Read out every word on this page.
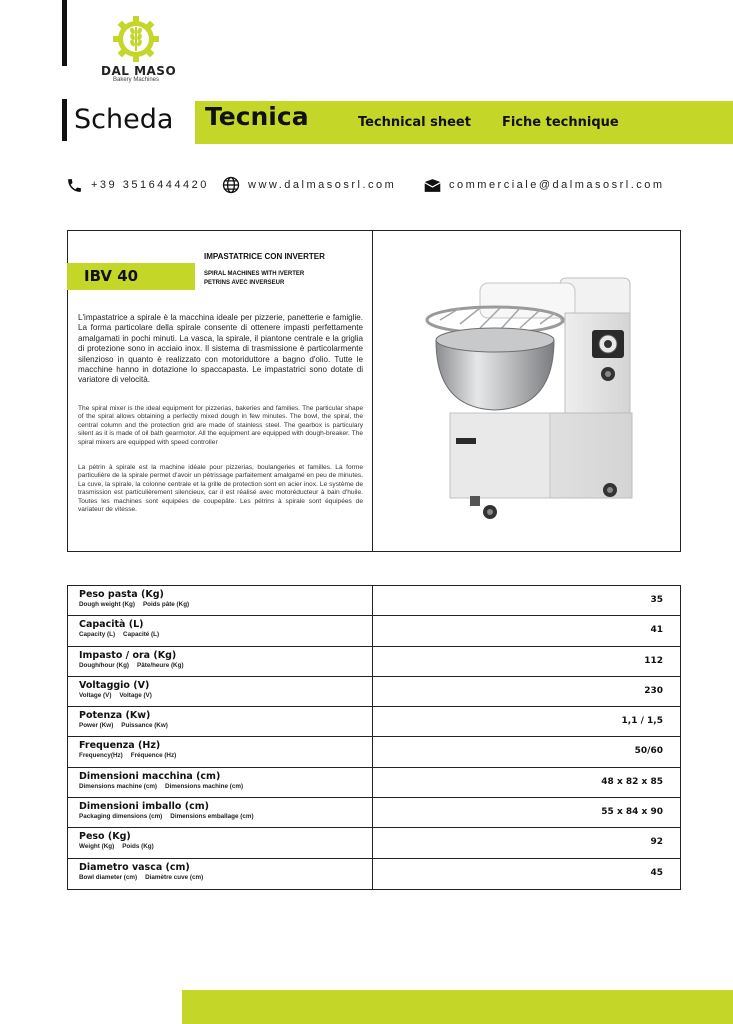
DAL MASO
Bakery Machines
Scheda Tecnica	Technical sheet Fiche technique
+39 3516444420	www.dalmasosrl.com	commerciale@dalmasosrl.com
IBV 40
IMPASTATRICE CON INVERTER
SPIRAL MACHINES WITH IVERTER
PETRINS AVEC INVERSEUR
L'impastatrice a spirale è la macchina ideale per pizzerie, panetterie e famiglie. La forma particolare della spirale consente di ottenere impasti perfettamente amalgamati in pochi minuti. La vasca, la spirale, il piantone centrale e la griglia di protezione sono in acciaio inox. Il sistema di trasmissione è particolarmente silenzioso in quanto è realizzato con motoriduttore a bagno d'olio. Tutte le macchine hanno in dotazione lo spaccapasta. Le impastatrici sono dotate di variatore di velocità.
The spiral mixer is the ideal equipment for pizzerias, bakeries and families. The particular shape of the spiral allows obtaining a perfectly mixed dough in few minutes. The bowl, the spiral, the central column and the protection grid are made of stainless steel. The gearbox is particulary silent as it is made of oil bath gearmotor. All the equipment are equipped with dough-breaker. The spiral mixers are equipped with speed controller
La pétrin à spirale est la machine idéale pour pizzerias, boulangeries et familles. La forme particulière de la spirale permet d'avoir un pétrissage parfaitement amalgamé en peu de minutes. La cuve, la spirale, la colonne centrale et la grille de protection sont en acier inox. Le système de trasmission est particulièrement silencieux, car il est réalisé avec motoréducteur à bain d'huile. Toutes les machines sont equipées de coupepâte. Les pétrins à spirale sont équipées de variateur de vitesse.
Peso pasta (Kg)
Dough weight (Kg) Poids pâte (Kg)	35
Capacità (L)
Capacity (L) Capacité (L)	41
Impasto / ora (Kg)
Dough/hour (Kg) Pâte/heure (Kg)	112
Voltaggio (V)
Voltage (V) Voltage (V)	230
Potenza (Kw)
Power (Kw) Puissance (Kw)	1,1 / 1,5
Frequenza (Hz)
Frequency(Hz) Fréquence (Hz)	50/60
Dimensioni macchina (cm)
Dimensions machine (cm) Dimensions machine (cm)	48 x 82 x 85
Dimensioni imballo (cm)
Packaging dimensions (cm) Dimensions emballage (cm)	55 x 84 x 90
Peso (Kg)
Weight (Kg) Poids (Kg)	92
Diametro vasca (cm)
Bowl diameter (cm) Diamètre cuve (cm)	45
